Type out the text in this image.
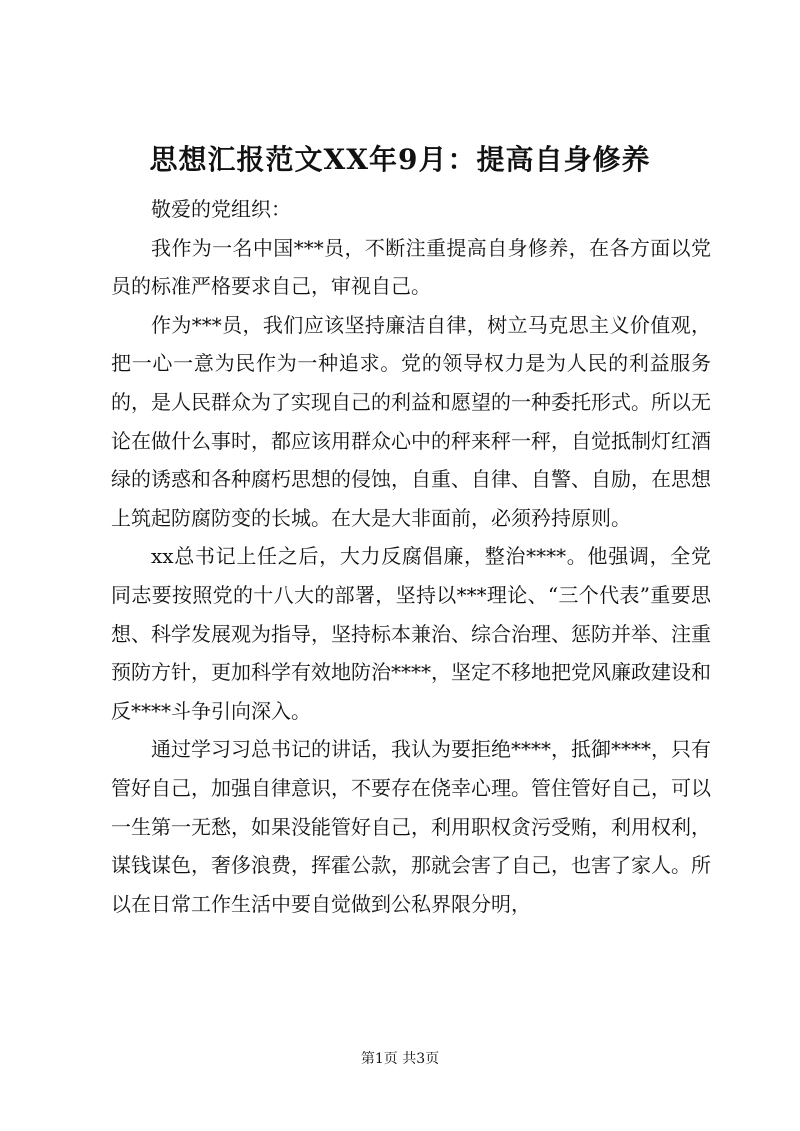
思想汇报范文XX年9月：提高自身修养

敬爱的党组织：

我作为一名中国***员，不断注重提高自身修养，在各方面以党员的标准严格要求自己，审视自己。

作为***员，我们应该坚持廉洁自律，树立马克思主义价值观，把一心一意为民作为一种追求。党的领导权力是为人民的利益服务的，是人民群众为了实现自己的利益和愿望的一种委托形式。所以无论在做什么事时，都应该用群众心中的秤来秤一秤，自觉抵制灯红酒绿的诱惑和各种腐朽思想的侵蚀，自重、自律、自警、自励，在思想上筑起防腐防变的长城。在大是大非面前，必须矜持原则。

xx总书记上任之后，大力反腐倡廉，整治****。他强调，全党同志要按照党的十八大的部署，坚持以***理论、“三个代表”重要思想、科学发展观为指导，坚持标本兼治、综合治理、惩防并举、注重预防方针，更加科学有效地防治****，坚定不移地把党风廉政建设和反****斗争引向深入。

通过学习习总书记的讲话，我认为要拒绝****，抵御****，只有管好自己，加强自律意识，不要存在侥幸心理。管住管好自己，可以一生第一无愁，如果没能管好自己，利用职权贪污受贿，利用权利，谋钱谋色，奢侈浪费，挥霍公款，那就会害了自己，也害了家人。所以在日常工作生活中要自觉做到公私界限分明，

第1页 共3页
